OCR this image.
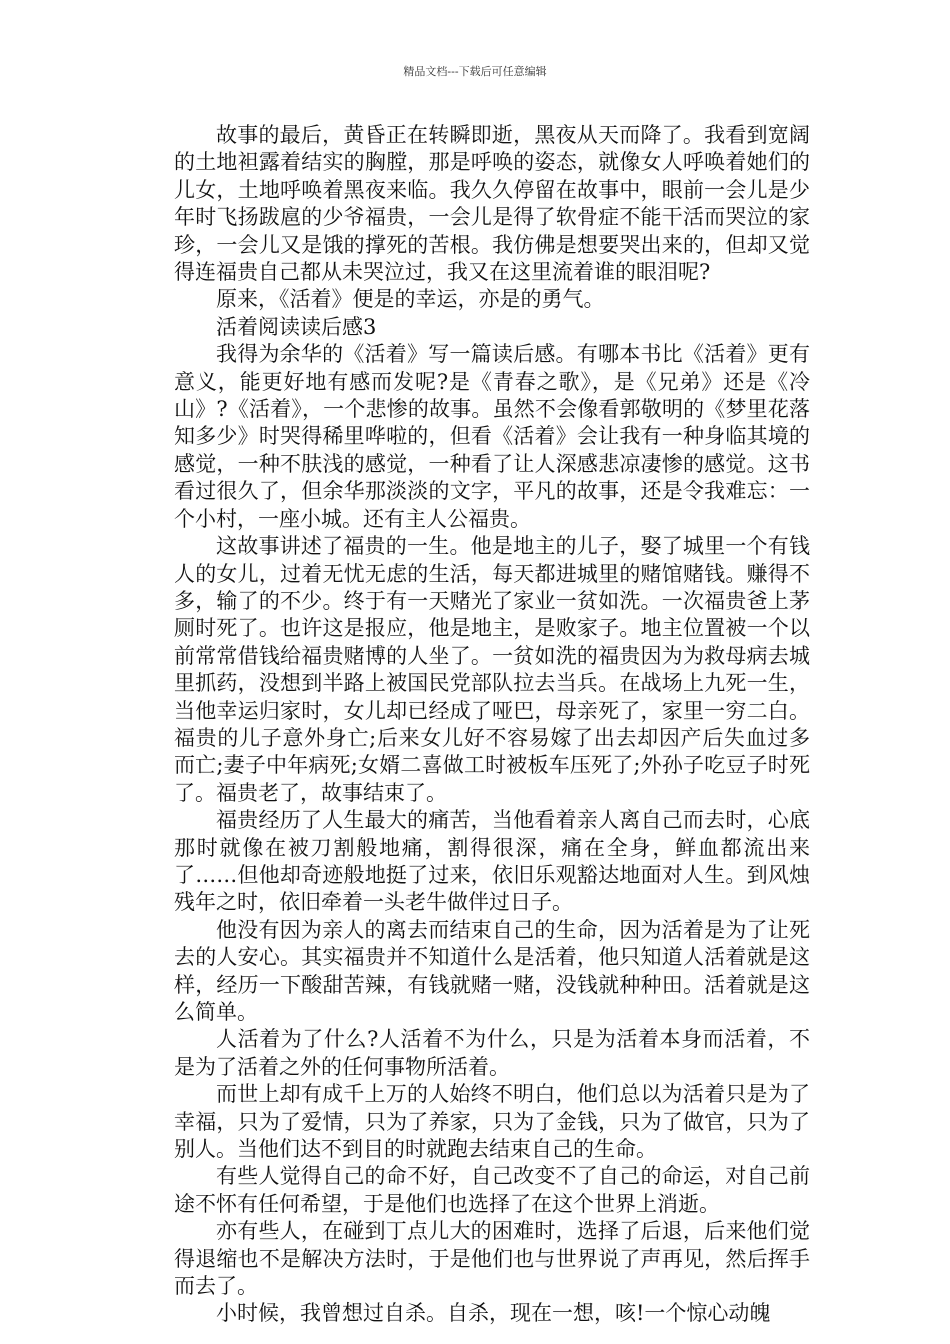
精品文档---下载后可任意编辑

故事的最后，黄昏正在转瞬即逝，黑夜从天而降了。我看到宽阔的土地袒露着结实的胸膛，那是呼唤的姿态，就像女人呼唤着她们的儿女，土地呼唤着黑夜来临。我久久停留在故事中，眼前一会儿是少年时飞扬跋扈的少爷福贵，一会儿是得了软骨症不能干活而哭泣的家珍，一会儿又是饿的撑死的苦根。我仿佛是想要哭出来的，但却又觉得连福贵自己都从未哭泣过，我又在这里流着谁的眼泪呢?

原来，《活着》便是的幸运，亦是的勇气。

活着阅读读后感3

我得为余华的《活着》写一篇读后感。有哪本书比《活着》更有意义，能更好地有感而发呢?是《青春之歌》，是《兄弟》还是《冷山》?《活着》，一个悲惨的故事。虽然不会像看郭敬明的《梦里花落知多少》时哭得稀里哗啦的，但看《活着》会让我有一种身临其境的感觉，一种不肤浅的感觉，一种看了让人深感悲凉凄惨的感觉。这书看过很久了，但余华那淡淡的文字，平凡的故事，还是令我难忘：一个小村，一座小城。还有主人公福贵。

这故事讲述了福贵的一生。他是地主的儿子，娶了城里一个有钱人的女儿，过着无忧无虑的生活，每天都进城里的赌馆赌钱。赚得不多，输了的不少。终于有一天赌光了家业一贫如洗。一次福贵爸上茅厕时死了。也许这是报应，他是地主，是败家子。地主位置被一个以前常常借钱给福贵赌博的人坐了。一贫如洗的福贵因为为救母病去城里抓药，没想到半路上被国民党部队拉去当兵。在战场上九死一生，当他幸运归家时，女儿却已经成了哑巴，母亲死了，家里一穷二白。福贵的儿子意外身亡;后来女儿好不容易嫁了出去却因产后失血过多而亡;妻子中年病死;女婿二喜做工时被板车压死了;外孙子吃豆子时死了。福贵老了，故事结束了。

福贵经历了人生最大的痛苦，当他看着亲人离自己而去时，心底那时就像在被刀割般地痛，割得很深，痛在全身，鲜血都流出来了……但他却奇迹般地挺了过来，依旧乐观豁达地面对人生。到风烛残年之时，依旧牵着一头老牛做伴过日子。

他没有因为亲人的离去而结束自己的生命，因为活着是为了让死去的人安心。其实福贵并不知道什么是活着，他只知道人活着就是这样，经历一下酸甜苦辣，有钱就赌一赌，没钱就种种田。活着就是这么简单。

人活着为了什么?人活着不为什么，只是为活着本身而活着，不是为了活着之外的任何事物所活着。

而世上却有成千上万的人始终不明白，他们总以为活着只是为了幸福，只为了爱情，只为了养家，只为了金钱，只为了做官，只为了别人。当他们达不到目的时就跑去结束自己的生命。

有些人觉得自己的命不好，自己改变不了自己的命运，对自己前途不怀有任何希望，于是他们也选择了在这个世界上消逝。

亦有些人，在碰到丁点儿大的困难时，选择了后退，后来他们觉得退缩也不是解决方法时，于是他们也与世界说了声再见，然后挥手而去了。

小时候，我曾想过自杀。自杀，现在一想，咳!一个惊心动魄
